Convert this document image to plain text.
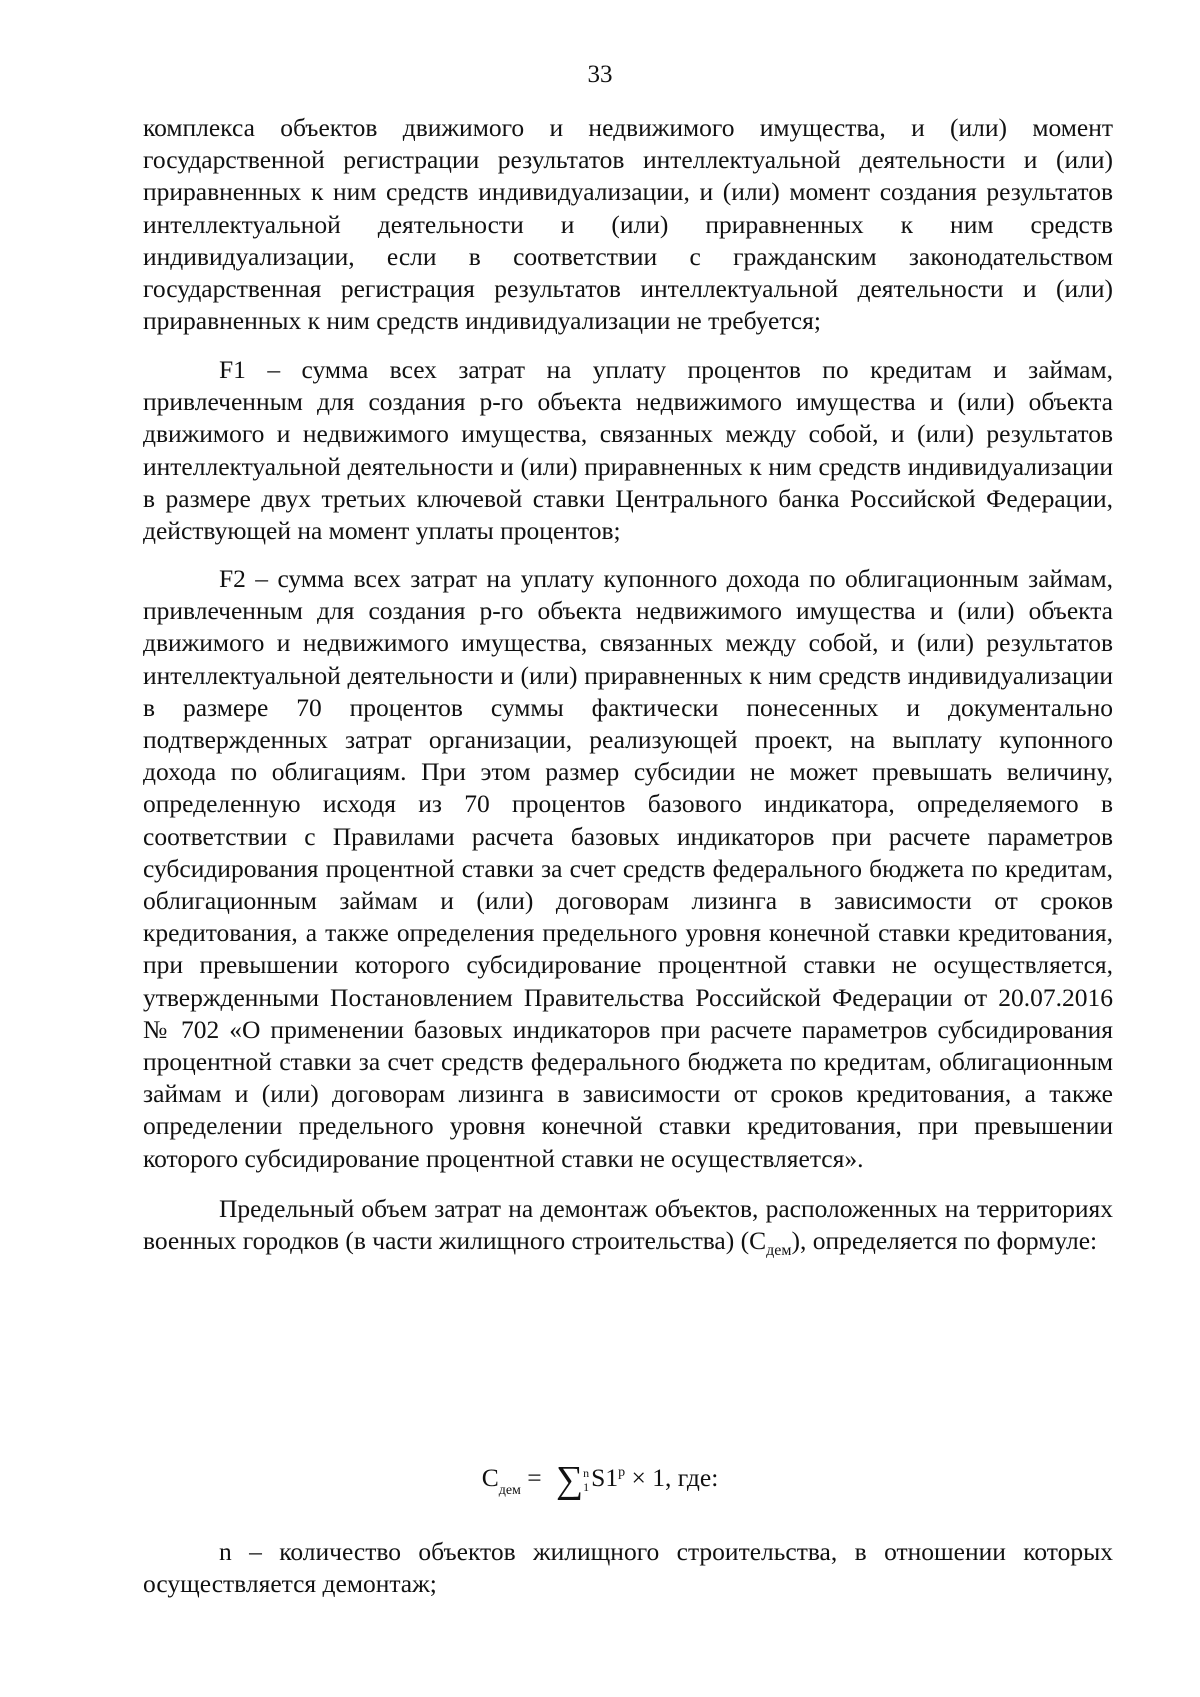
33

комплекса объектов движимого и недвижимого имущества, и (или) момент государственной регистрации результатов интеллектуальной деятельности и (или) приравненных к ним средств индивидуализации, и (или) момент создания результатов интеллектуальной деятельности и (или) приравненных к ним средств индивидуализации, если в соответствии с гражданским законодательством государственная регистрация результатов интеллектуальной деятельности и (или) приравненных к ним средств индивидуализации не требуется;

F1 – сумма всех затрат на уплату процентов по кредитам и займам, привлеченным для создания р-го объекта недвижимого имущества и (или) объекта движимого и недвижимого имущества, связанных между собой, и (или) результатов интеллектуальной деятельности и (или) приравненных к ним средств индивидуализации в размере двух третьих ключевой ставки Центрального банка Российской Федерации, действующей на момент уплаты процентов;

F2 – сумма всех затрат на уплату купонного дохода по облигационным займам, привлеченным для создания р-го объекта недвижимого имущества и (или) объекта движимого и недвижимого имущества, связанных между собой, и (или) результатов интеллектуальной деятельности и (или) приравненных к ним средств индивидуализации в размере 70 процентов суммы фактически понесенных и документально подтвержденных затрат организации, реализующей проект, на выплату купонного дохода по облигациям. При этом размер субсидии не может превышать величину, определенную исходя из 70 процентов базового индикатора, определяемого в соответствии с Правилами расчета базовых индикаторов при расчете параметров субсидирования процентной ставки за счет средств федерального бюджета по кредитам, облигационным займам и (или) договорам лизинга в зависимости от сроков кредитования, а также определения предельного уровня конечной ставки кредитования, при превышении которого субсидирование процентной ставки не осуществляется, утвержденными Постановлением Правительства Российской Федерации от 20.07.2016 № 702 «О применении базовых индикаторов при расчете параметров субсидирования процентной ставки за счет средств федерального бюджета по кредитам, облигационным займам и (или) договорам лизинга в зависимости от сроков кредитования, а также определении предельного уровня конечной ставки кредитования, при превышении которого субсидирование процентной ставки не осуществляется».

Предельный объем затрат на демонтаж объектов, расположенных на территориях военных городков (в части жилищного строительства) $(С_{дем})$, определяется по формуле:

$С_{дем}$ = ∑ n
1 $S1^р \times 1$, где:

n – количество объектов жилищного строительства, в отношении которых осуществляется демонтаж;
